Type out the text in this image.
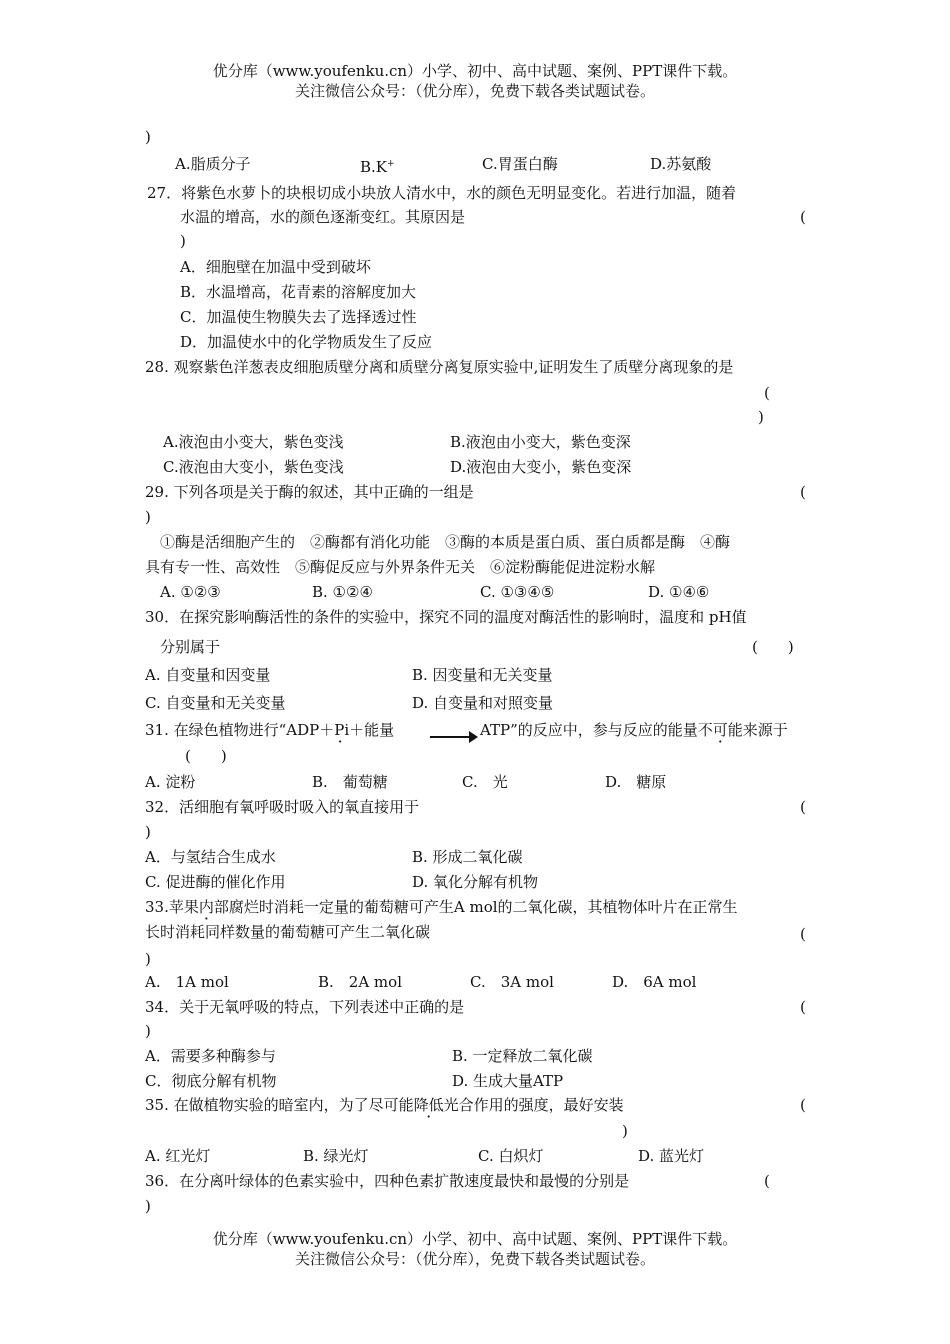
优分库（www.youfenku.cn）小学、初中、高中试题、案例、PPT课件下载。
关注微信公众号：（优分库），免费下载各类试题试卷。
)
A.脂质分子	B.K+	C.胃蛋白酶	D.苏氨酸
27．将紫色水萝卜的块根切成小块放人清水中，水的颜色无明显变化。若进行加温，随着
水温的增高，水的颜色逐渐变红。其原因是	(
)
A．细胞壁在加温中受到破坏
B．水温增高，花青素的溶解度加大
C．加温使生物膜失去了选择透过性
D．加温使水中的化学物质发生了反应
28. 观察紫色洋葱表皮细胞质壁分离和质壁分离复原实验中,证明发生了质壁分离现象的是
(
)
A.液泡由小变大，紫色变浅	B.液泡由小变大，紫色变深
C.液泡由大变小，紫色变浅	D.液泡由大变小，紫色变深
29. 下列各项是关于酶的叙述，其中正确的一组是	(
)
①酶是活细胞产生的　②酶都有消化功能　③酶的本质是蛋白质、蛋白质都是酶　④酶
具有专一性、高效性　⑤酶促反应与外界条件无关　⑥淀粉酶能促进淀粉水解
A. ①②③	B. ①②④	C. ①③④⑤	D. ①④⑥
30．在探究影响酶活性的条件的实验中，探究不同的温度对酶活性的影响时，温度和 pH值
分别属于	(　　)
A. 自变量和因变量	B. 因变量和无关变量
C. 自变量和无关变量	D. 自变量和对照变量
31. 在绿色植物进行“ADP＋Pi＋能量 · → ATP”的反应中，参与反应的能量不可能来源于
(　　)
A. 淀粉	B.　葡萄糖	C.　光	D.　糖原
32．活细胞有氧呼吸时吸入的氧直接用于	(
)
A．与氢结合生成水	B. 形成二氧化碳
C. 促进酶的催化作用	D. 氧化分解有机物
33.苹果内部腐烂时消耗一定量的葡萄糖可产生A mol的二氧化碳，其植物体叶片在正常生
长时消耗同样数量的葡萄糖可产生二氧化碳	(
)
A.　1A mol	B.　2A mol	C.　3A mol	D.　6A mol
34．关于无氧呼吸的特点，下列表述中正确的是	(
)
A．需要多种酶参与	B. 一定释放二氧化碳
C．彻底分解有机物	D. 生成大量ATP
35. 在做植物实验的暗室内，为了尽可能降低光合作用的强度，最好安装	(
)
A. 红光灯	B. 绿光灯	C. 白炽灯	D. 蓝光灯
36．在分离叶绿体的色素实验中，四种色素扩散速度最快和最慢的分别是	(
)
优分库（www.youfenku.cn）小学、初中、高中试题、案例、PPT课件下载。
关注微信公众号：（优分库），免费下载各类试题试卷。
